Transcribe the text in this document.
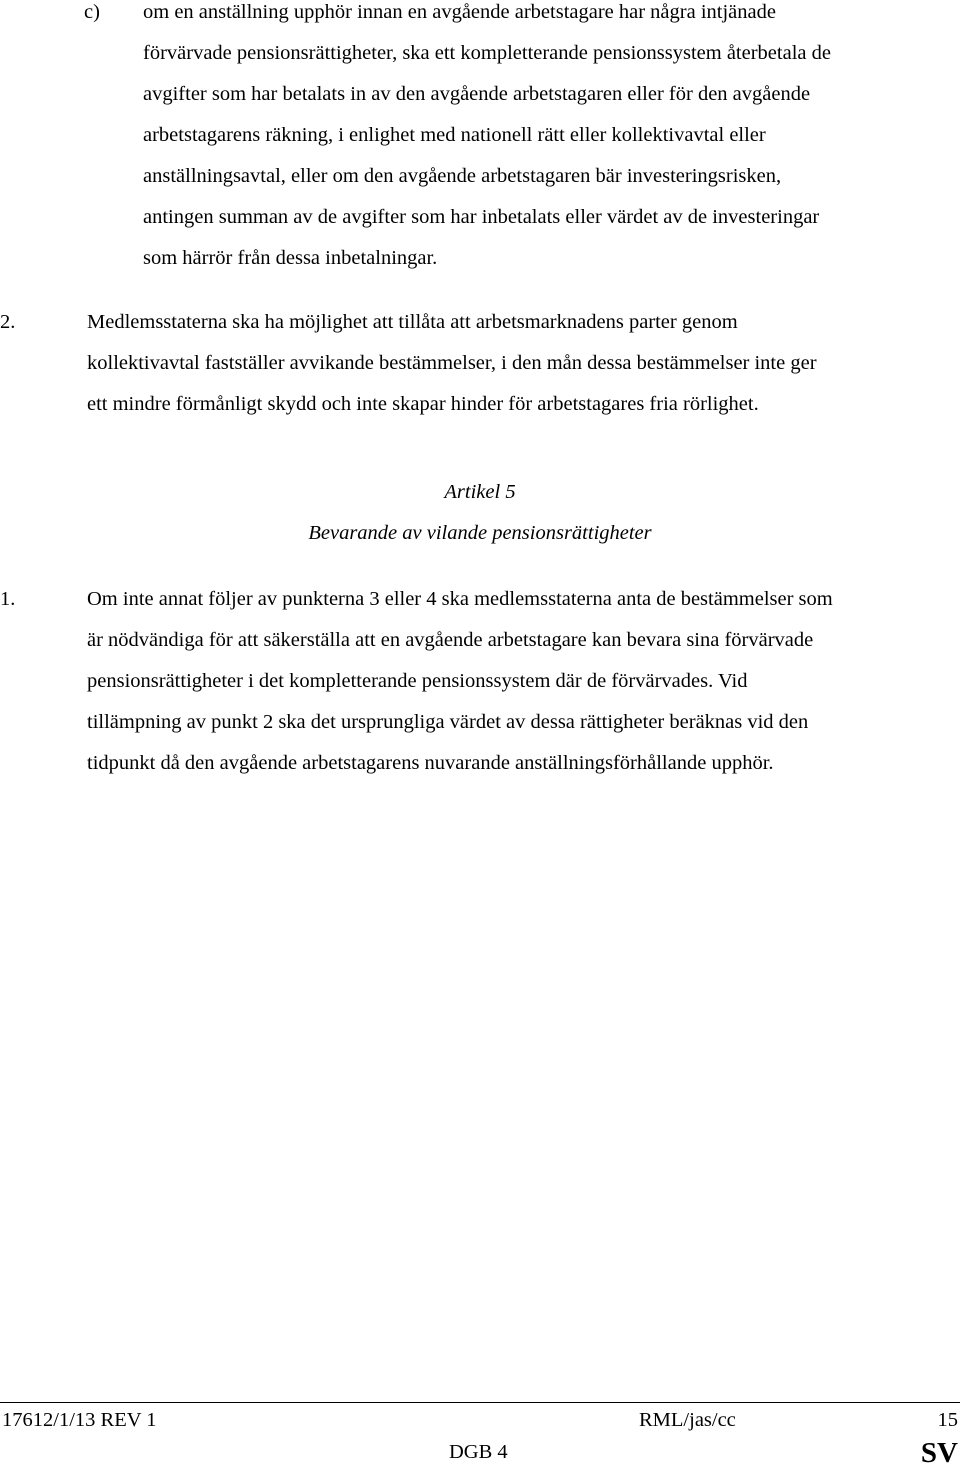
c) om en anställning upphör innan en avgående arbetstagare har några intjänade
förvärvade pensionsrättigheter, ska ett kompletterande pensionssystem återbetala de
avgifter som har betalats in av den avgående arbetstagaren eller för den avgående
arbetstagarens räkning, i enlighet med nationell rätt eller kollektivavtal eller
anställningsavtal, eller om den avgående arbetstagaren bär investeringsrisken,
antingen summan av de avgifter som har inbetalats eller värdet av de investeringar
som härrör från dessa inbetalningar.
2.	Medlemsstaterna ska ha möjlighet att tillåta att arbetsmarknadens parter genom
kollektivavtal fastställer avvikande bestämmelser, i den mån dessa bestämmelser inte ger
ett mindre förmånligt skydd och inte skapar hinder för arbetstagares fria rörlighet.
Artikel 5
Bevarande av vilande pensionsrättigheter
1.	Om inte annat följer av punkterna 3 eller 4 ska medlemsstaterna anta de bestämmelser som
är nödvändiga för att säkerställa att en avgående arbetstagare kan bevara sina förvärvade
pensionsrättigheter i det kompletterande pensionssystem där de förvärvades. Vid
tillämpning av punkt 2 ska det ursprungliga värdet av dessa rättigheter beräknas vid den
tidpunkt då den avgående arbetstagarens nuvarande anställningsförhållande upphör.
17612/1/13 REV 1	RML/jas/cc	15
DGB 4	SV
